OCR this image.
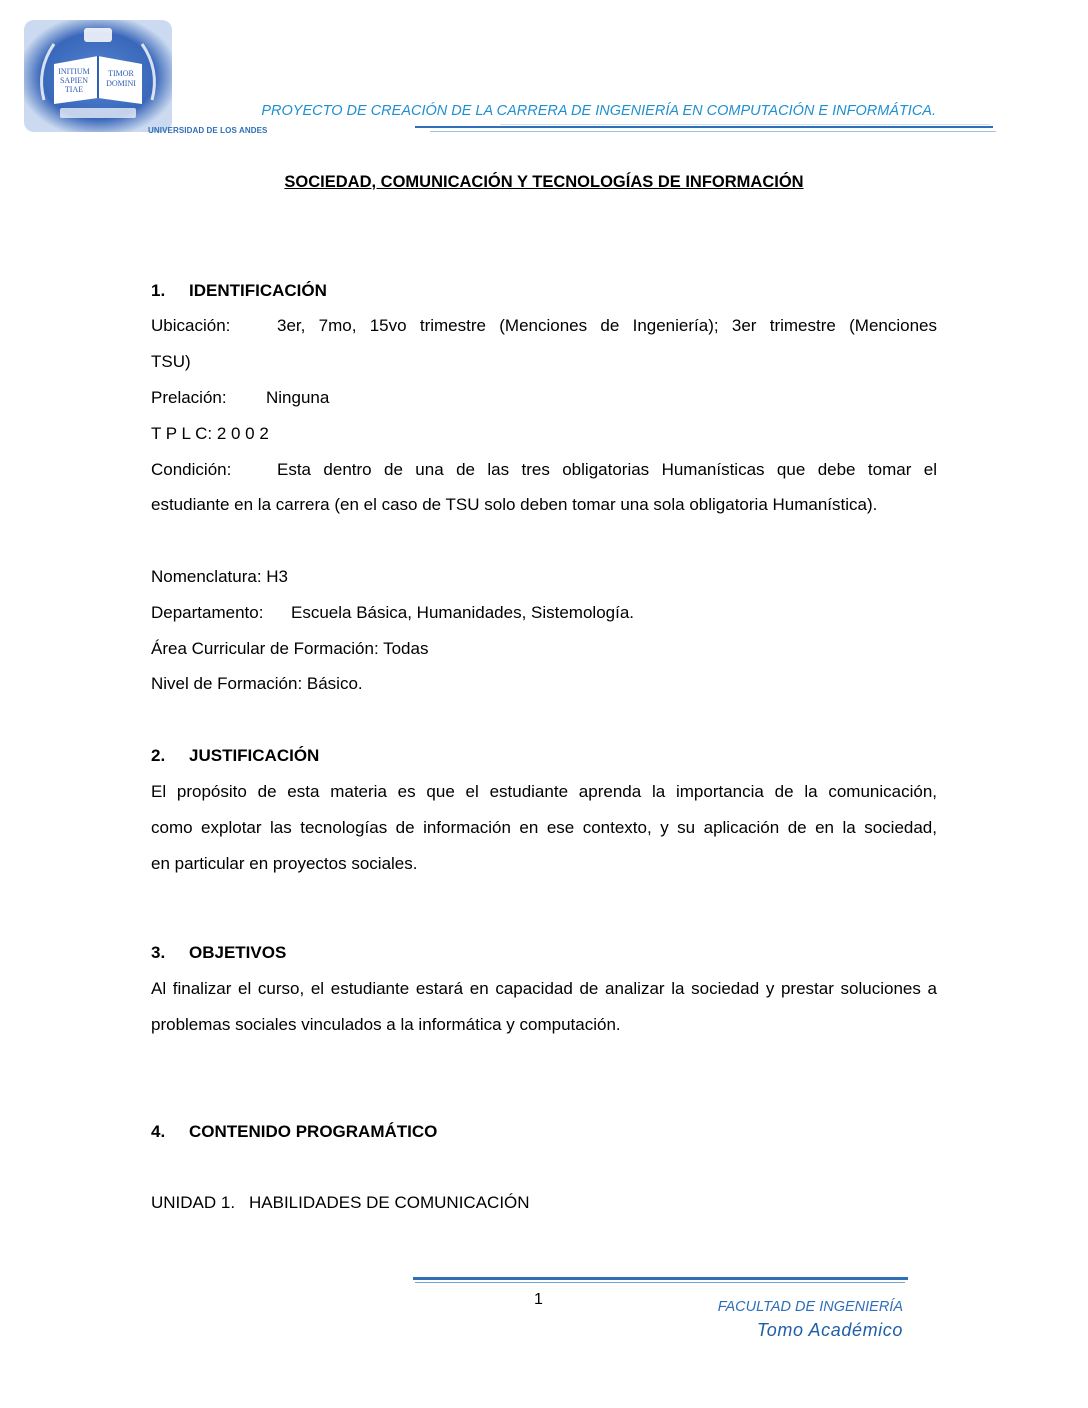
INITIUM
SAPIEN
TIAE
TIMOR
DOMINI
UNIVERSIDAD DE LOS ANDES
PROYECTO DE CREACIÓN DE LA CARRERA DE INGENIERÍA EN COMPUTACIÓN E INFORMÁTICA.
SOCIEDAD, COMUNICACIÓN Y TECNOLOGÍAS DE INFORMACIÓN
1. IDENTIFICACIÓN
Ubicación:	3er, 7mo, 15vo trimestre (Menciones de Ingeniería); 3er trimestre (Menciones
TSU)
Prelación: Ninguna
T P L C: 2 0 0 2
Condición:	Esta dentro de una de las tres obligatorias Humanísticas que debe tomar el
estudiante en la carrera (en el caso de TSU solo deben tomar una sola obligatoria Humanística).
Nomenclatura: H3
Departamento: Escuela Básica, Humanidades, Sistemología.
Área Curricular de Formación: Todas
Nivel de Formación: Básico.
2. JUSTIFICACIÓN
El propósito de esta materia es que el estudiante aprenda la importancia de la comunicación,
como explotar las tecnologías de información en ese contexto, y su aplicación de en la sociedad,
en particular en proyectos sociales.
3. OBJETIVOS
Al finalizar el curso, el estudiante estará en capacidad de analizar la sociedad y prestar soluciones a
problemas sociales vinculados a la informática y computación.
4. CONTENIDO PROGRAMÁTICO
UNIDAD 1. HABILIDADES DE COMUNICACIÓN
1	FACULTAD DE INGENIERÍA
Tomo Académico
